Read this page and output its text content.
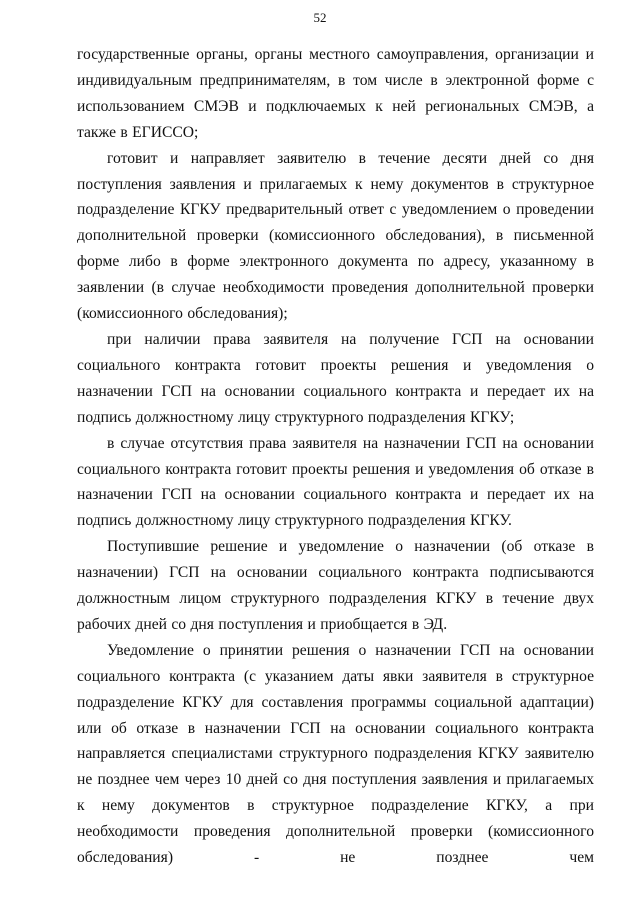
52

государственные органы, органы местного самоуправления, организации и индивидуальным предпринимателям, в том числе в электронной форме с использованием СМЭВ и подключаемых к ней региональных СМЭВ, а также в ЕГИССО;

готовит и направляет заявителю в течение десяти дней со дня поступления заявления и прилагаемых к нему документов в структурное подразделение КГКУ предварительный ответ с уведомлением о проведении дополнительной проверки (комиссионного обследования), в письменной форме либо в форме электронного документа по адресу, указанному в заявлении (в случае необходимости проведения дополнительной проверки (комиссионного обследования);

при наличии права заявителя на получение ГСП на основании социального контракта готовит проекты решения и уведомления о назначении ГСП на основании социального контракта и передает их на подпись должностному лицу структурного подразделения КГКУ;

в случае отсутствия права заявителя на назначении ГСП на основании социального контракта готовит проекты решения и уведомления об отказе в назначении ГСП на основании социального контракта и передает их на подпись должностному лицу структурного подразделения КГКУ.

Поступившие решение и уведомление о назначении (об отказе в назначении) ГСП на основании социального контракта подписываются должностным лицом структурного подразделения КГКУ в течение двух рабочих дней со дня поступления и приобщается в ЭД.

Уведомление о принятии решения о назначении ГСП на основании социального контракта (с указанием даты явки заявителя в структурное подразделение КГКУ для составления программы социальной адаптации) или об отказе в назначении ГСП на основании социального контракта направляется специалистами структурного подразделения КГКУ заявителю не позднее чем через 10 дней со дня поступления заявления и прилагаемых к нему документов в структурное подразделение КГКУ, а при необходимости проведения дополнительной проверки (комиссионного обследования) - не позднее чем
